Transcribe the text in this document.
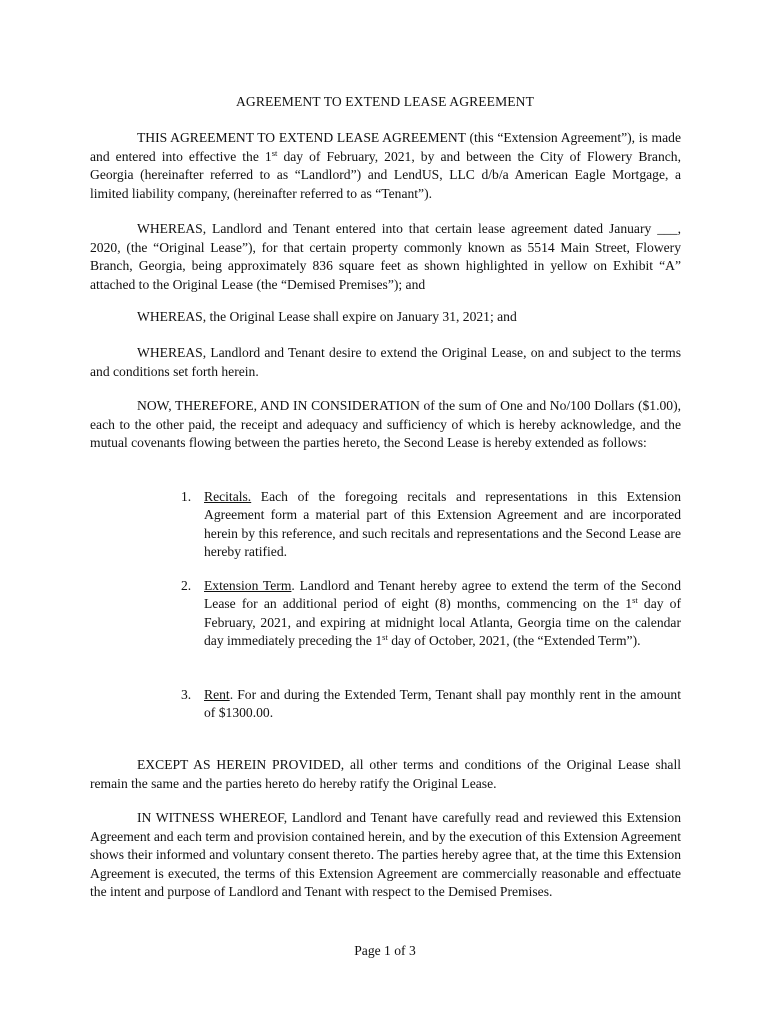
AGREEMENT TO EXTEND LEASE AGREEMENT
THIS AGREEMENT TO EXTEND LEASE AGREEMENT (this “Extension Agreement”), is made and entered into effective the 1st day of February, 2021, by and between the City of Flowery Branch, Georgia (hereinafter referred to as “Landlord”) and LendUS, LLC d/b/a American Eagle Mortgage, a limited liability company, (hereinafter referred to as “Tenant”).
WHEREAS, Landlord and Tenant entered into that certain lease agreement dated January ___, 2020, (the “Original Lease”), for that certain property commonly known as 5514 Main Street, Flowery Branch, Georgia, being approximately 836 square feet as shown highlighted in yellow on Exhibit “A” attached to the Original Lease (the “Demised Premises”); and
WHEREAS, the Original Lease shall expire on January 31, 2021; and
WHEREAS, Landlord and Tenant desire to extend the Original Lease, on and subject to the terms and conditions set forth herein.
NOW, THEREFORE, AND IN CONSIDERATION of the sum of One and No/100 Dollars ($1.00), each to the other paid, the receipt and adequacy and sufficiency of which is hereby acknowledge, and the mutual covenants flowing between the parties hereto, the Second Lease is hereby extended as follows:
1. Recitals. Each of the foregoing recitals and representations in this Extension Agreement form a material part of this Extension Agreement and are incorporated herein by this reference, and such recitals and representations and the Second Lease are hereby ratified.
2. Extension Term. Landlord and Tenant hereby agree to extend the term of the Second Lease for an additional period of eight (8) months, commencing on the 1st day of February, 2021, and expiring at midnight local Atlanta, Georgia time on the calendar day immediately preceding the 1st day of October, 2021, (the “Extended Term”).
3. Rent. For and during the Extended Term, Tenant shall pay monthly rent in the amount of $1300.00.
EXCEPT AS HEREIN PROVIDED, all other terms and conditions of the Original Lease shall remain the same and the parties hereto do hereby ratify the Original Lease.
IN WITNESS WHEREOF, Landlord and Tenant have carefully read and reviewed this Extension Agreement and each term and provision contained herein, and by the execution of this Extension Agreement shows their informed and voluntary consent thereto. The parties hereby agree that, at the time this Extension Agreement is executed, the terms of this Extension Agreement are commercially reasonable and effectuate the intent and purpose of Landlord and Tenant with respect to the Demised Premises.
Page 1 of 3
